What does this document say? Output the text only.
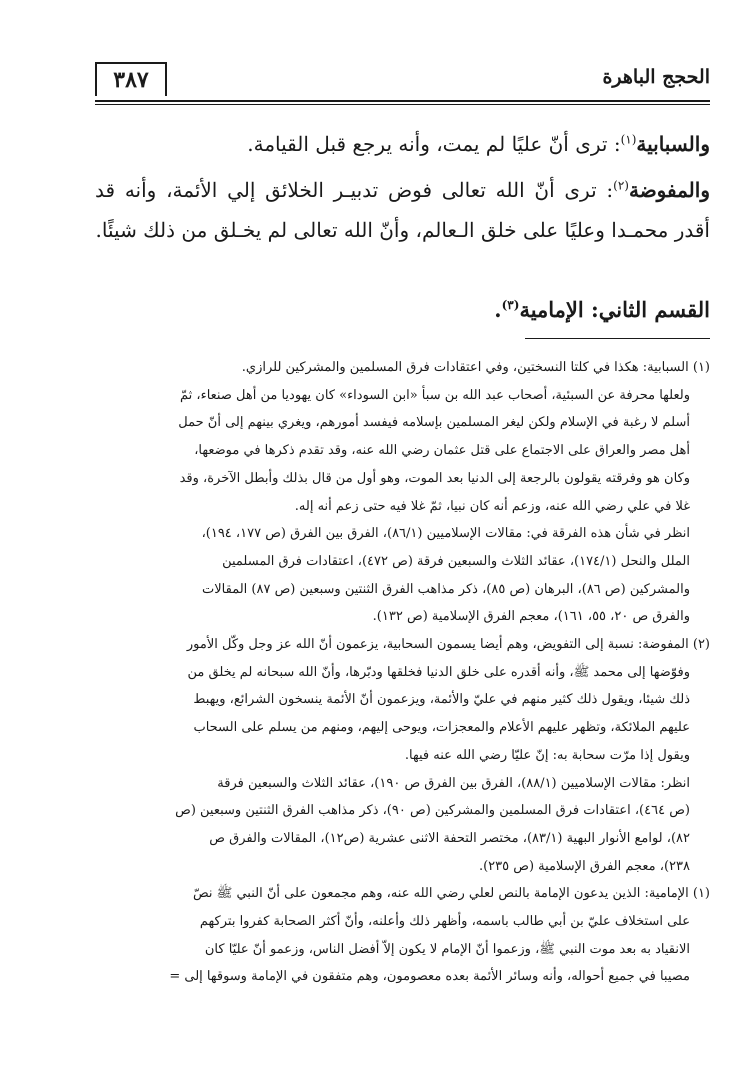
٣٨٧	الحجج الباهرة

والسبابية$^{(١)}$: ترى أنّ عليًا لم يمت، وأنه يرجع قبل القيامة.

والمفوضة$^{(٢)}$: ترى أنّ الله تعالى فوض تدبيـر الخلائق إلي الأئمة، وأنه قد أقدر محمـدا وعليًا على خلق الـعالم، وأنّ الله تعالى لم يخـلق من ذلك شيئًا.

القسم الثاني: الإمامية$^{(٣)}$.

(١) السبابية: هكذا في كلتا النسختين، وفي اعتقادات فرق المسلمين والمشركين للرازي.

ولعلها محرفة عن السبئية، أصحاب عبد الله بن سبأ «ابن السوداء» كان يهوديا من أهل صنعاء، ثمّ

أسلم لا رغبة في الإسلام ولكن ليغر المسلمين بإسلامه فيفسد أمورهم، ويغري بينهم إلى أنّ حمل

أهل مصر والعراق على الاجتماع على قتل عثمان رضي الله عنه، وقد تقدم ذكرها في موضعها،

وكان هو وفرقته يقولون بالرجعة إلى الدنيا بعد الموت، وهو أول من قال بذلك وأبطل الآخرة، وقد

غلا في علي رضي الله عنه، وزعم أنه كان نبيا، ثمّ غلا فيه حتى زعم أنه إله.

انظر في شأن هذه الفرقة في: مقالات الإسلاميين (٨٦/١)، الفرق بين الفرق (ص ١٧٧، ١٩٤)،

الملل والنحل (١٧٤/١)، عقائد الثلاث والسبعين فرقة (ص ٤٧٢)، اعتقادات فرق المسلمين

والمشركين (ص ٨٦)، البرهان (ص ٨٥)، ذكر مذاهب الفرق الثنتين وسبعين (ص ٨٧) المقالات

والفرق ص ٢٠، ٥٥، ١٦١)، معجم الفرق الإسلامية (ص ١٣٢).

(٢) المفوضة: نسبة إلى التفويض، وهم أيضا يسمون السحابية، يزعمون أنّ الله عز وجل وكّل الأمور

وفوّضها إلى محمد ﷺ، وأنه أقدره على خلق الدنيا فخلقها ودبّرها، وأنّ الله سبحانه لم يخلق من

ذلك شيئا، ويقول ذلك كثير منهم في عليّ والأئمة، ويزعمون أنّ الأئمة ينسخون الشرائع، ويهبط

عليهم الملائكة، وتظهر عليهم الأعلام والمعجزات، ويوحى إليهم، ومنهم من يسلم على السحاب

ويقول إذا مرّت سحابة به: إنّ عليّا رضي الله عنه فيها.

انظر: مقالات الإسلاميين (٨٨/١)، الفرق بين الفرق ص ١٩٠)، عقائد الثلاث والسبعين فرقة

(ص ٤٦٤)، اعتقادات فرق المسلمين والمشركين (ص ٩٠)، ذكر مذاهب الفرق الثنتين وسبعين (ص

٨٢)، لوامع الأنوار البهية (٨٣/١)، مختصر التحفة الاثنى عشرية (ص١٢)، المقالات والفرق ص

٢٣٨)، معجم الفرق الإسلامية (ص ٢٣٥).

(١) الإمامية: الذين يدعون الإمامة بالنص لعلي رضي الله عنه، وهم مجمعون على أنّ النبي ﷺ نصّ

على استخلاف عليّ بن أبي طالب باسمه، وأظهر ذلك وأعلنه، وأنّ أكثر الصحابة كفروا بتركهم

الانقياد به بعد موت النبي ﷺ، وزعموا أنّ الإمام لا يكون إلاّ أفضل الناس، وزعمو أنّ عليّا كان

مصيبا في جميع أحواله، وأنه وسائر الأئمة بعده معصومون، وهم متفقون في الإمامة وسوقها إلى =
